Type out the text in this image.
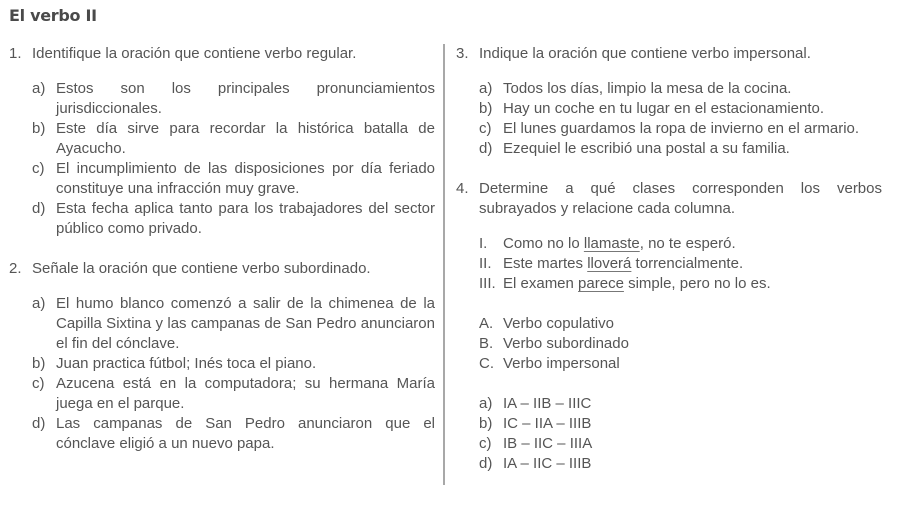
El verbo II
1. Identifique la oración que contiene verbo regular.
a) Estos son los principales pronunciamientos jurisdiccionales.
b) Este día sirve para recordar la histórica batalla de Ayacucho.
c) El incumplimiento de las disposiciones por día feriado constituye una infracción muy grave.
d) Esta fecha aplica tanto para los trabajadores del sector público como privado.
2. Señale la oración que contiene verbo subordinado.
a) El humo blanco comenzó a salir de la chimenea de la Capilla Sixtina y las campanas de San Pedro anunciaron el fin del cónclave.
b) Juan practica fútbol; Inés toca el piano.
c) Azucena está en la computadora; su hermana María juega en el parque.
d) Las campanas de San Pedro anunciaron que el cónclave eligió a un nuevo papa.
3. Indique la oración que contiene verbo impersonal.
a) Todos los días, limpio la mesa de la cocina.
b) Hay un coche en tu lugar en el estacionamiento.
c) El lunes guardamos la ropa de invierno en el armario.
d) Ezequiel le escribió una postal a su familia.
4. Determine a qué clases corresponden los verbos subrayados y relacione cada columna.
I.	Como no lo llamaste, no te esperó.
II. Este martes lloverá torrencialmente.
III. El examen parece simple, pero no lo es.
A. Verbo copulativo
B. Verbo subordinado
C. Verbo impersonal
a) IA – IIB – IIIC
b) IC – IIA – IIIB
c) IB – IIC – IIIA
d) IA – IIC – IIIB
